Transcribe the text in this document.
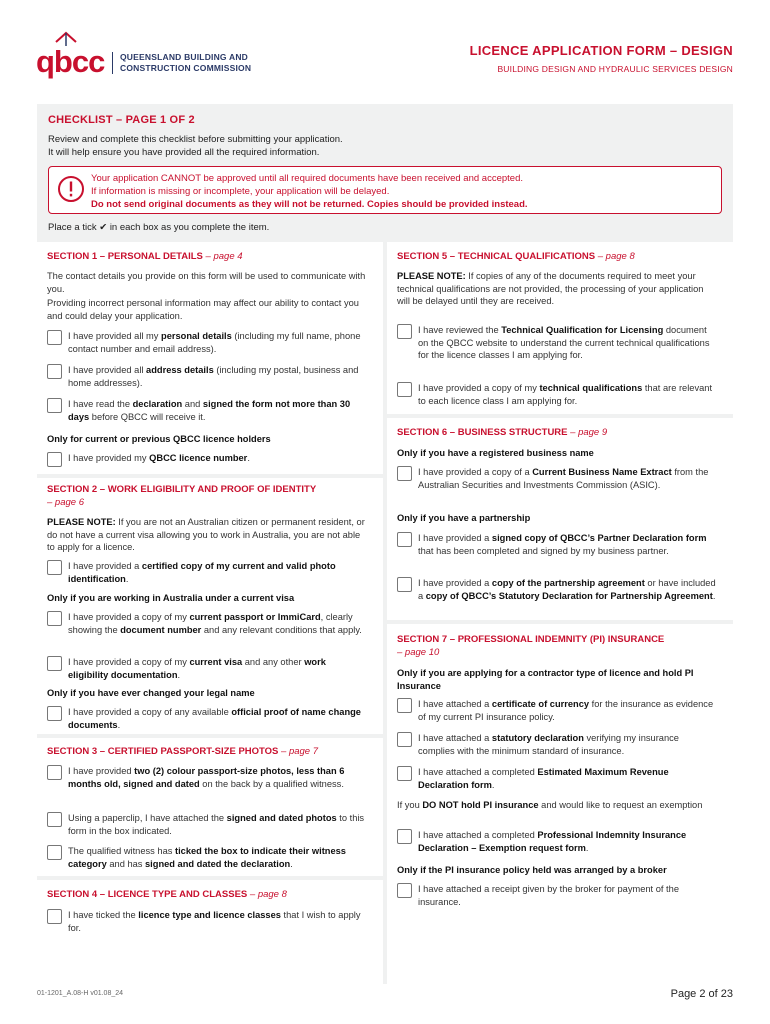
qbcc QUEENSLAND BUILDING AND
CONSTRUCTION COMMISSION
LICENCE APPLICATION FORM – DESIGN
BUILDING DESIGN AND HYDRAULIC SERVICES DESIGN
CHECKLIST – PAGE 1 OF 2
Review and complete this checklist before submitting your application.
It will help ensure you have provided all the required information.
Your application CANNOT be approved until all required documents have been received and accepted.
If information is missing or incomplete, your application will be delayed.
Do not send original documents as they will not be returned. Copies should be provided instead.
Place a tick ✔ in each box as you complete the item.
SECTION 1 – PERSONAL DETAILS – page 4
The contact details you provide on this form will be used to communicate with you.
Providing incorrect personal information may affect our ability to contact you and could delay your application.
I have provided all my personal details (including my full name, phone contact number and email address).
I have provided all address details (including my postal, business and home addresses).
I have read the declaration and signed the form not more than 30 days before QBCC will receive it.
Only for current or previous QBCC licence holders
I have provided my QBCC licence number.
SECTION 2 – WORK ELIGIBILITY AND PROOF OF IDENTITY
– page 6
PLEASE NOTE: If you are not an Australian citizen or permanent resident, or do not have a current visa allowing you to work in Australia, you are not able to apply for a licence.
I have provided a certified copy of my current and valid photo identification.
Only if you are working in Australia under a current visa
I have provided a copy of my current passport or ImmiCard, clearly showing the document number and any relevant conditions that apply.
I have provided a copy of my current visa and any other work eligibility documentation.
Only if you have ever changed your legal name
I have provided a copy of any available official proof of name change documents.
SECTION 3 – CERTIFIED PASSPORT-SIZE PHOTOS – page 7
I have provided two (2) colour passport-size photos, less than 6 months old, signed and dated on the back by a qualified witness.
Using a paperclip, I have attached the signed and dated photos to this form in the box indicated.
The qualified witness has ticked the box to indicate their witness category and has signed and dated the declaration.
SECTION 4 – LICENCE TYPE AND CLASSES – page 8
I have ticked the licence type and licence classes that I wish to apply for.
SECTION 5 – TECHNICAL QUALIFICATIONS – page 8
PLEASE NOTE: If copies of any of the documents required to meet your technical qualifications are not provided, the processing of your application will be delayed until they are received.
I have reviewed the Technical Qualification for Licensing document on the QBCC website to understand the current technical qualifications for the licence classes I am applying for.
I have provided a copy of my technical qualifications that are relevant to each licence class I am applying for.
SECTION 6 – BUSINESS STRUCTURE – page 9
Only if you have a registered business name
I have provided a copy of a Current Business Name Extract from the Australian Securities and Investments Commission (ASIC).
Only if you have a partnership
I have provided a signed copy of QBCC’s Partner Declaration form that has been completed and signed by my business partner.
I have provided a copy of the partnership agreement or have included a copy of QBCC’s Statutory Declaration for Partnership Agreement.
SECTION 7 – PROFESSIONAL INDEMNITY (PI) INSURANCE
– page 10
Only if you are applying for a contractor type of licence and hold PI Insurance
I have attached a certificate of currency for the insurance as evidence of my current PI insurance policy.
I have attached a statutory declaration verifying my insurance complies with the minimum standard of insurance.
I have attached a completed Estimated Maximum Revenue Declaration form.
If you DO NOT hold PI insurance and would like to request an exemption
I have attached a completed Professional Indemnity Insurance Declaration – Exemption request form.
Only if the PI insurance policy held was arranged by a broker
I have attached a receipt given by the broker for payment of the insurance.
01-1201_A.08-H v01.08_24	Page 2 of 23
